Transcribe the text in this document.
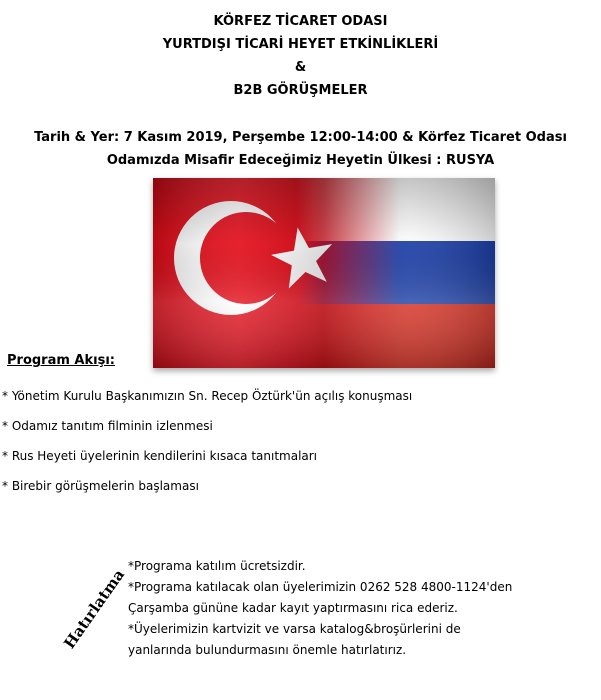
KÖRFEZ TİCARET ODASI
YURTDIŞI TİCARİ HEYET ETKİNLİKLERİ
&
B2B GÖRÜŞMELER
Tarih & Yer: 7 Kasım 2019, Perşembe 12:00-14:00 & Körfez Ticaret Odası
Odamızda Misafir Edeceğimiz Heyetin Ülkesi : RUSYA
Program Akışı:
* Yönetim Kurulu Başkanımızın Sn. Recep Öztürk'ün açılış konuşması
* Odamız tanıtım filminin izlenmesi
* Rus Heyeti üyelerinin kendilerini kısaca tanıtmaları
* Birebir görüşmelerin başlaması
Hatırlatma
*Programa katılım ücretsizdir.
*Programa katılacak olan üyelerimizin 0262 528 4800-1124'den
Çarşamba gününe kadar kayıt yaptırmasını rica ederiz.
*Üyelerimizin kartvizit ve varsa katalog&broşürlerini de
yanlarında bulundurmasını önemle hatırlatırız.
